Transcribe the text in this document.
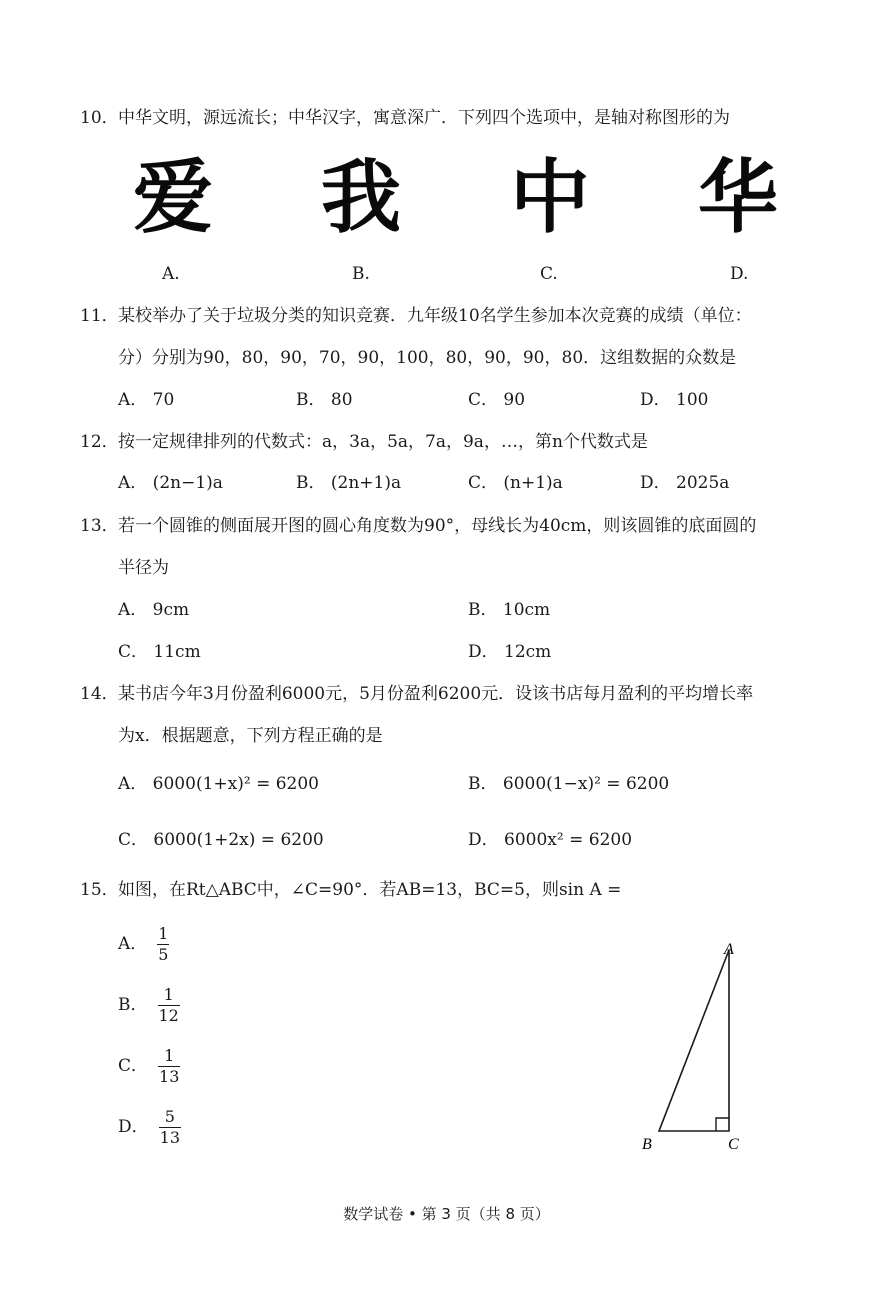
10．中华文明，源远流长；中华汉字，寓意深广．下列四个选项中，是轴对称图形的为
爱 我 中 华
A.	B.	C.	D.
11．某校举办了关于垃圾分类的知识竞赛．九年级10名学生参加本次竞赛的成绩（单位：
分）分别为90，80，90，70，90，100，80，90，90，80．这组数据的众数是
A． 70	B． 80	C． 90	D． 100
12．按一定规律排列的代数式：a，3a，5a，7a，9a，…，第n个代数式是
A． (2n−1)a	B． (2n+1)a	C． (n+1)a	D． 2025a
13．若一个圆锥的侧面展开图的圆心角度数为90°，母线长为40cm，则该圆锥的底面圆的
半径为
A． 9cm	B． 10cm
C． 11cm	D． 12cm
14．某书店今年3月份盈利6000元，5月份盈利6200元．设该书店每月盈利的平均增长率
为x．根据题意，下列方程正确的是
A． 6000(1+x)² = 6200	B． 6000(1−x)² = 6200
C． 6000(1+2x) = 6200	D． 6000x² = 6200
15．如图，在Rt△ABC中，∠C=90°．若AB=13，BC=5，则sin A =
A． $\frac{1}{5}$
B． $\frac{1}{12}$
C． $\frac{1}{13}$
D． $\frac{5}{13}$
A
B	C
数学试卷 • 第 3 页（共 8 页）
